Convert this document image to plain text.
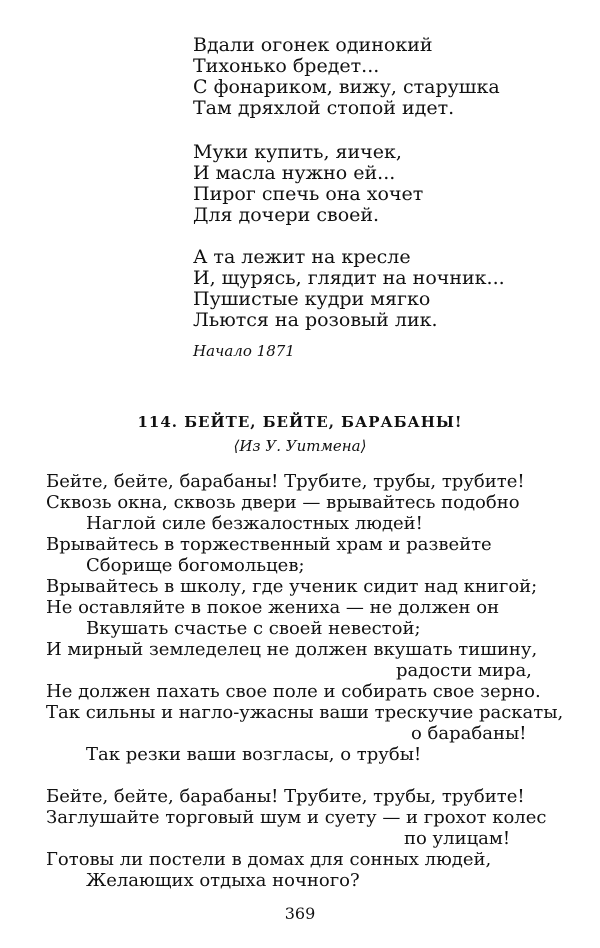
Вдали огонек одинокий
Тихонько бредет...
С фонариком, вижу, старушка
Там дряхлой стопой идет.
Муки купить, яичек,
И масла нужно ей...
Пирог спечь она хочет
Для дочери своей.
А та лежит на кресле
И, щурясь, глядит на ночник...
Пушистые кудри мягко
Льются на розовый лик.
Начало 1871
114. БЕЙТЕ, БЕЙТЕ, БАРАБАНЫ!
⟨Из У. Уитмена⟩
Бейте, бейте, барабаны! Трубите, трубы, трубите!
Сквозь окна, сквозь двери — врывайтесь подобно
Наглой силе безжалостных людей!
Врывайтесь в торжественный храм и развейте
Сборище богомольцев;
Врывайтесь в школу, где ученик сидит над книгой;
Не оставляйте в покое жениха — не должен он
Вкушать счастье с своей невестой;
И мирный земледелец не должен вкушать тишину,
радости мира,
Не должен пахать свое поле и собирать свое зерно.
Так сильны и нагло-ужасны ваши трескучие раскаты,
о барабаны!
Так резки ваши возгласы, о трубы!
Бейте, бейте, барабаны! Трубите, трубы, трубите!
Заглушайте торговый шум и суету — и грохот колес
по улицам!
Готовы ли постели в домах для сонных людей,
Желающих отдыха ночного?
369
